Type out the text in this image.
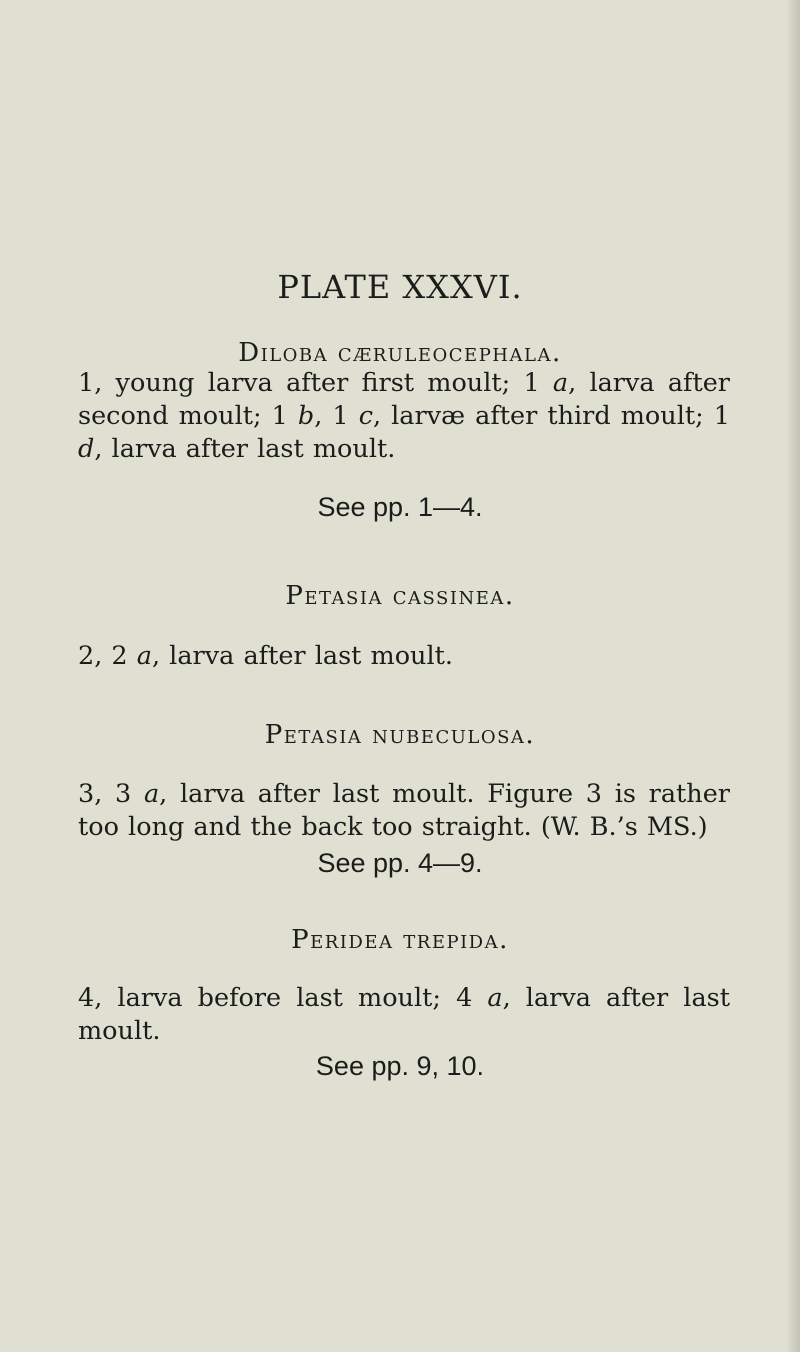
PLATE XXXVI.
Diloba cæruleocephala.

1, young larva after first moult; 1 a, larva after second moult; 1 b, 1 c, larvæ after third moult; 1 d, larva after last moult.

See pp. 1—4.

Petasia cassinea.

2, 2 a, larva after last moult.

Petasia nubeculosa.

3, 3 a, larva after last moult. Figure 3 is rather too long and the back too straight. (W. B.’s MS.)

See pp. 4—9.

Peridea trepida.

4, larva before last moult; 4 a, larva after last moult.

See pp. 9, 10.
